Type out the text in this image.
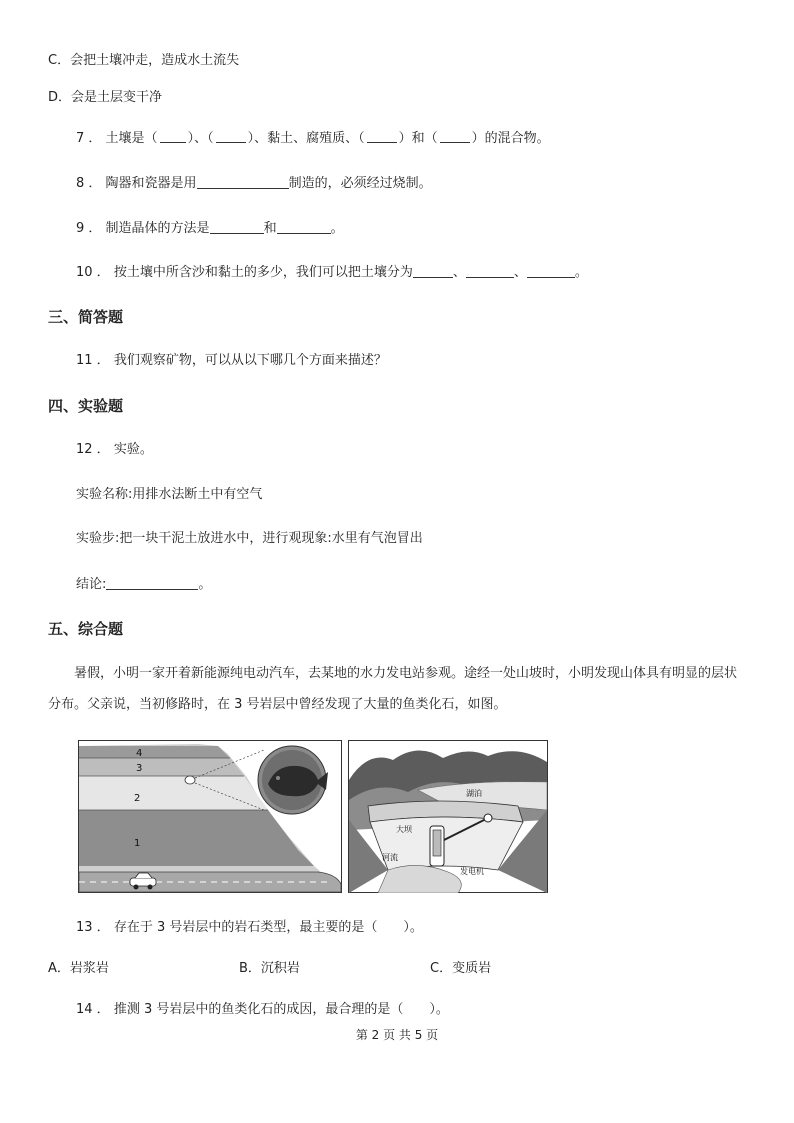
C．会把土壤冲走，造成水土流失
D．会是土层变干净
7 ． 土壤是（ ）、（	）、黏土、腐殖质、（	）和（	）的混合物。
8 ． 陶器和瓷器是用	制造的，必须经过烧制。
9 ． 制造晶体的方法是	和	。
10 ． 按土壤中所含沙和黏土的多少，我们可以把土壤分为	、	、	。
三、简答题
11 ． 我们观察矿物，可以从以下哪几个方面来描述？
四、实验题
12 ． 实验。
实验名称:用排水法断土中有空气
实验步:把一块干泥土放进水中，进行观现象:水里有气泡冒出
结论:	。
五、综合题
暑假，小明一家开着新能源纯电动汽车，去某地的水力发电站参观。途经一处山坡时，小明发现山体具有明显的层状分布。父亲说，当初修路时，在 3 号岩层中曾经发现了大量的鱼类化石，如图。
4
3
2
1
湖泊
大坝
河流
发电机
13 ． 存在于 3 号岩层中的岩石类型，最主要的是（ ）。
A．岩浆岩	B．沉积岩	C．变质岩
14 ． 推测 3 号岩层中的鱼类化石的成因，最合理的是（ ）。
第 2 页 共 5 页
